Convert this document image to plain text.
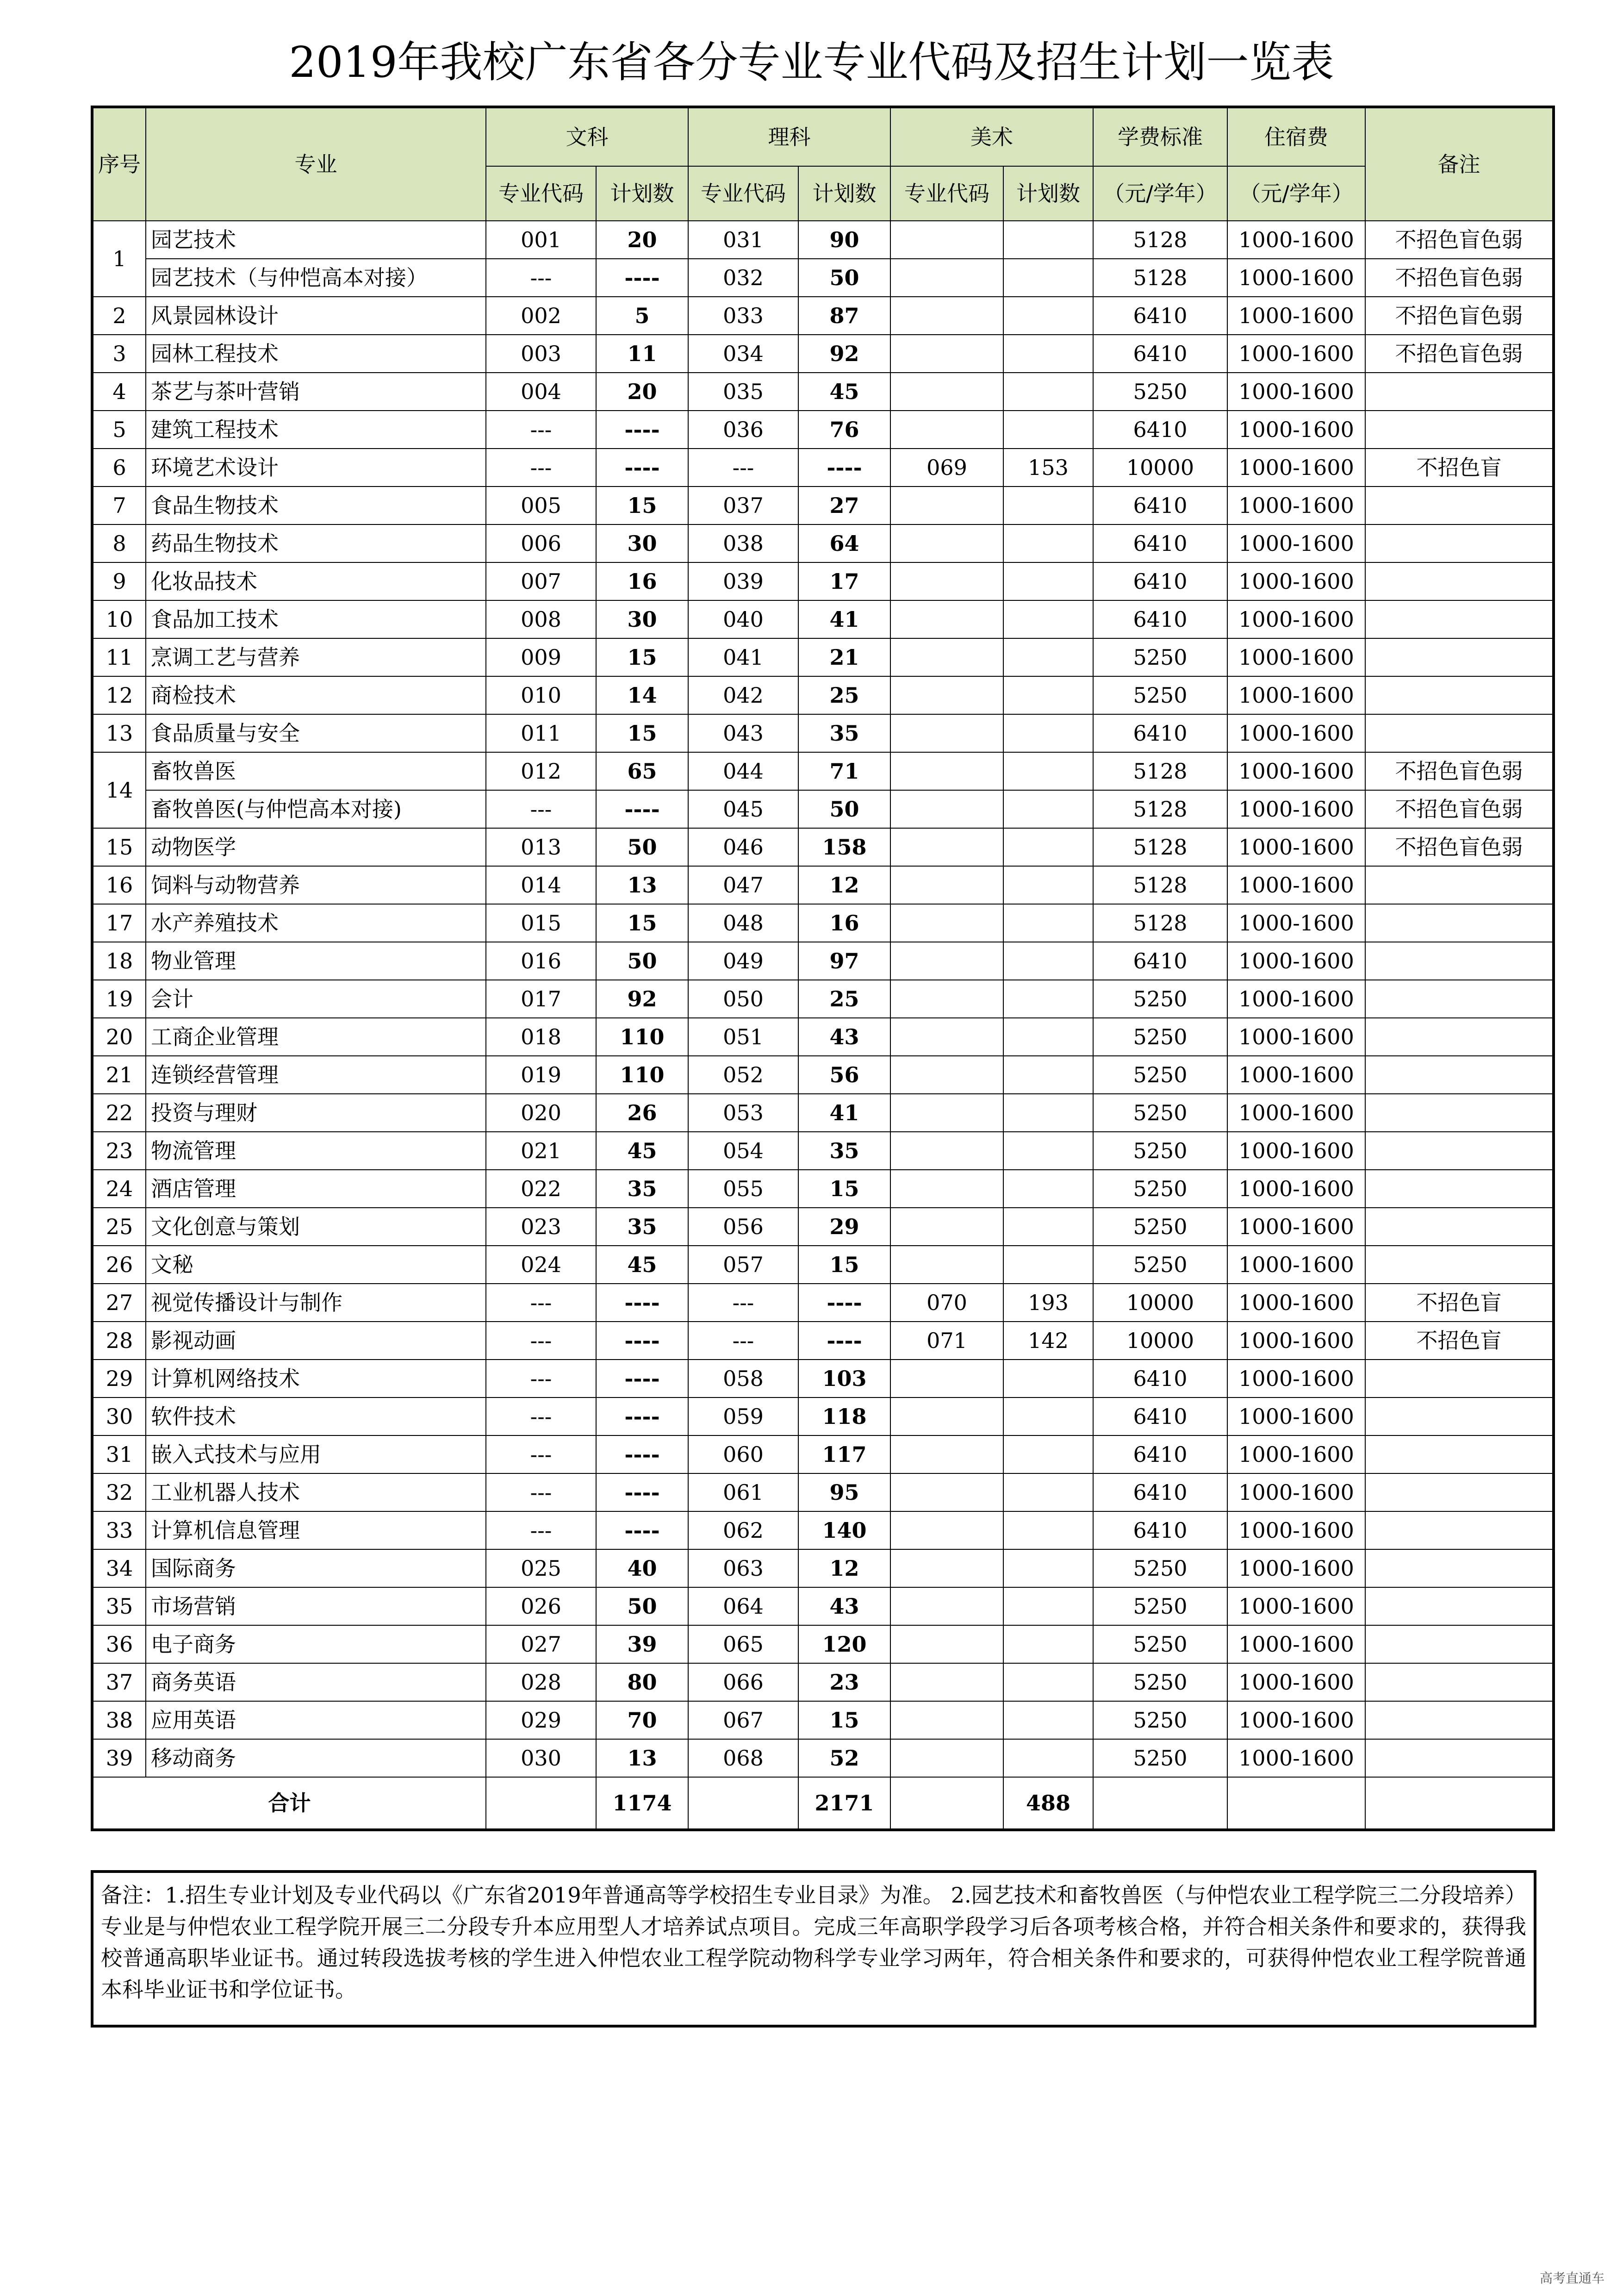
2019年我校广东省各分专业专业代码及招生计划一览表
序号	专业	文科		理科		美术		学费标准	住宿费	备注
		专业代码	计划数	专业代码	计划数	专业代码	计划数	（元/学年）	（元/学年）	
1	园艺技术	001	20	031	90			5128	1000-1600	不招色盲色弱
	园艺技术（与仲恺高本对接）	---	----	032	50			5128	1000-1600	不招色盲色弱
2	风景园林设计	002	5	033	87			6410	1000-1600	不招色盲色弱
3	园林工程技术	003	11	034	92			6410	1000-1600	不招色盲色弱
4	茶艺与茶叶营销	004	20	035	45			5250	1000-1600	
5	建筑工程技术	---	----	036	76			6410	1000-1600	
6	环境艺术设计	---	----	---	----	069	153	10000	1000-1600	不招色盲
7	食品生物技术	005	15	037	27			6410	1000-1600	
8	药品生物技术	006	30	038	64			6410	1000-1600	
9	化妆品技术	007	16	039	17			6410	1000-1600	
10	食品加工技术	008	30	040	41			6410	1000-1600	
11	烹调工艺与营养	009	15	041	21			5250	1000-1600	
12	商检技术	010	14	042	25			5250	1000-1600	
13	食品质量与安全	011	15	043	35			6410	1000-1600	
14	畜牧兽医	012	65	044	71			5128	1000-1600	不招色盲色弱
	畜牧兽医(与仲恺高本对接)	---	----	045	50			5128	1000-1600	不招色盲色弱
15	动物医学	013	50	046	158			5128	1000-1600	不招色盲色弱
16	饲料与动物营养	014	13	047	12			5128	1000-1600	
17	水产养殖技术	015	15	048	16			5128	1000-1600	
18	物业管理	016	50	049	97			6410	1000-1600	
19	会计	017	92	050	25			5250	1000-1600	
20	工商企业管理	018	110	051	43			5250	1000-1600	
21	连锁经营管理	019	110	052	56			5250	1000-1600	
22	投资与理财	020	26	053	41			5250	1000-1600	
23	物流管理	021	45	054	35			5250	1000-1600	
24	酒店管理	022	35	055	15			5250	1000-1600	
25	文化创意与策划	023	35	056	29			5250	1000-1600	
26	文秘	024	45	057	15			5250	1000-1600	
27	视觉传播设计与制作	---	----	---	----	070	193	10000	1000-1600	不招色盲
28	影视动画	---	----	---	----	071	142	10000	1000-1600	不招色盲
29	计算机网络技术	---	----	058	103			6410	1000-1600	
30	软件技术	---	----	059	118			6410	1000-1600	
31	嵌入式技术与应用	---	----	060	117			6410	1000-1600	
32	工业机器人技术	---	----	061	95			6410	1000-1600	
33	计算机信息管理	---	----	062	140			6410	1000-1600	
34	国际商务	025	40	063	12			5250	1000-1600	
35	市场营销	026	50	064	43			5250	1000-1600	
36	电子商务	027	39	065	120			5250	1000-1600	
37	商务英语	028	80	066	23			5250	1000-1600	
38	应用英语	029	70	067	15			5250	1000-1600	
39	移动商务	030	13	068	52			5250	1000-1600	
合计			1174		2171		488			
备注：1.招生专业计划及专业代码以《广东省2019年普通高等学校招生专业目录》为准。 2.园艺技术和畜牧兽医（与仲恺农业工程学院三二分段培养）专业是与仲恺农业工程学院开展三二分段专升本应用型人才培养试点项目。完成三年高职学段学习后各项考核合格，并符合相关条件和要求的，获得我校普通高职毕业证书。通过转段选拔考核的学生进入仲恺农业工程学院动物科学专业学习两年，符合相关条件和要求的，可获得仲恺农业工程学院普通本科毕业证书和学位证书。
高考直通车
